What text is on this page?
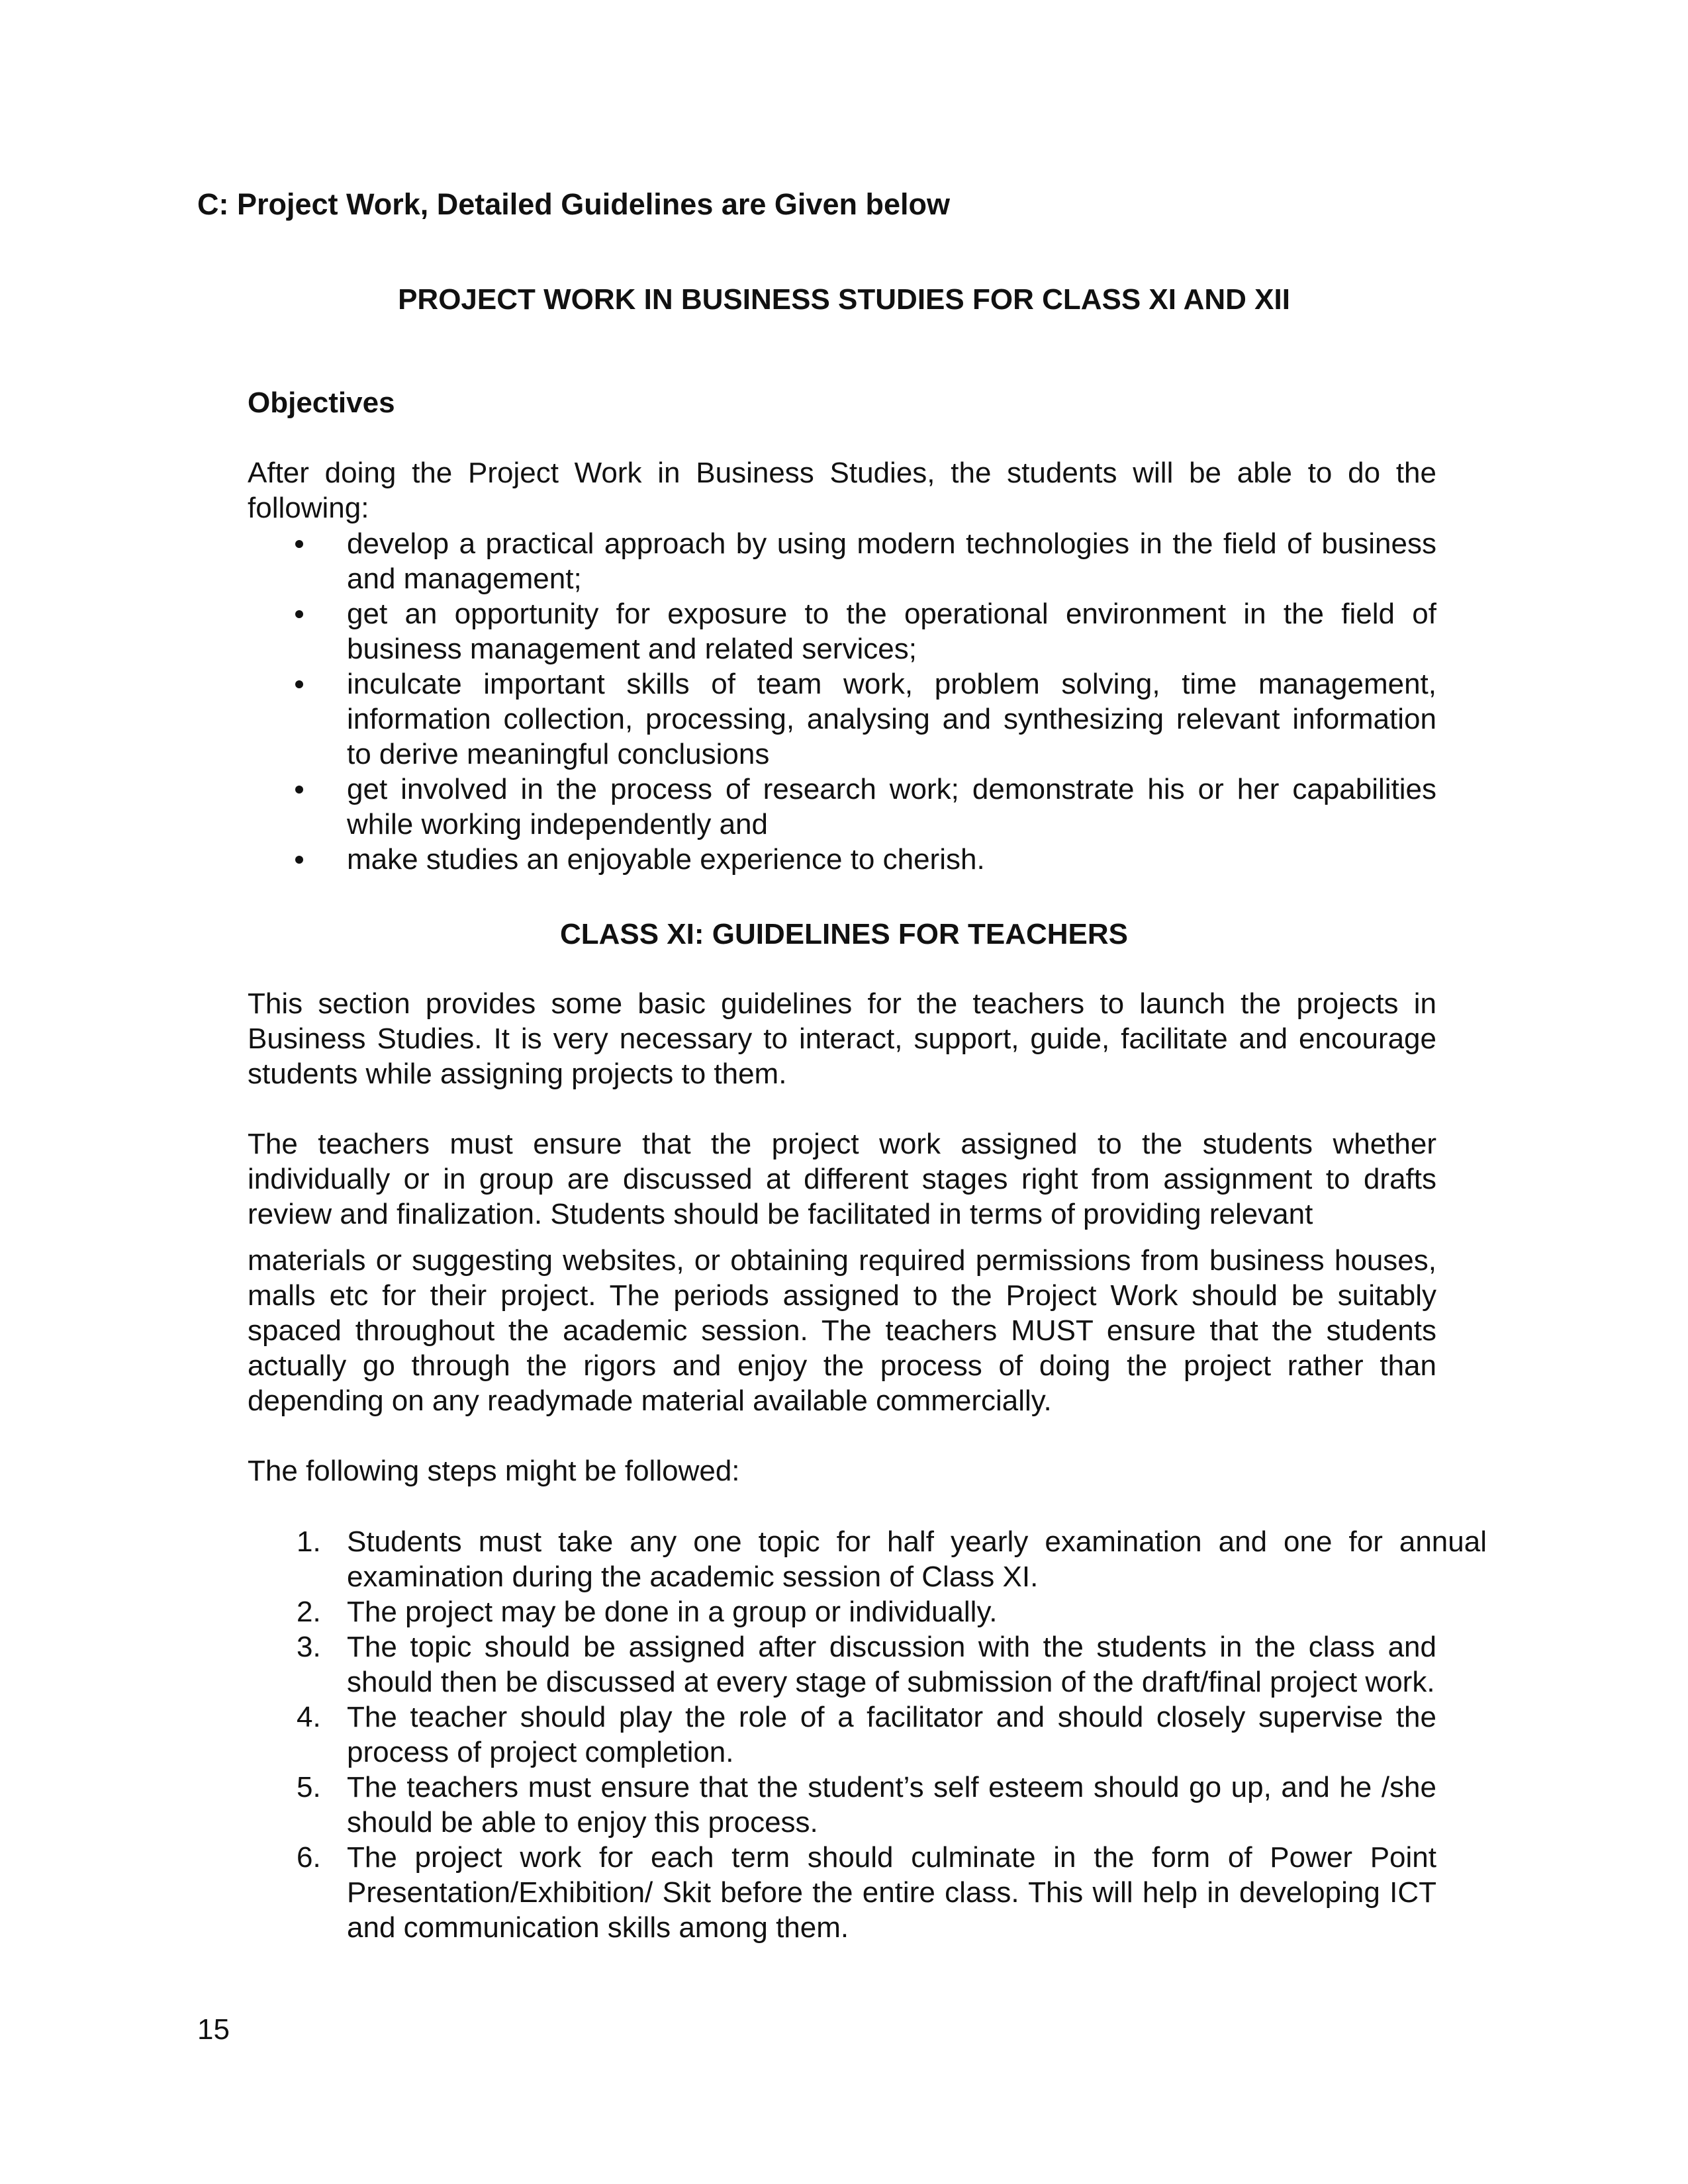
C: Project Work, Detailed Guidelines are Given below

PROJECT WORK IN BUSINESS STUDIES FOR CLASS XI AND XII

Objectives

After doing the Project Work in Business Studies, the students will be able to do the following:

develop a practical approach by using modern technologies in the field of business and management;
get an opportunity for exposure to the operational environment in the field of business management and related services;
inculcate important skills of team work, problem solving, time management, information collection, processing, analysing and synthesizing relevant information to derive meaningful conclusions
get involved in the process of research work; demonstrate his or her capabilities while working independently and
make studies an enjoyable experience to cherish.

CLASS XI: GUIDELINES FOR TEACHERS

This section provides some basic guidelines for the teachers to launch the projects in Business Studies. It is very necessary to interact, support, guide, facilitate and encourage students while assigning projects to them.

The teachers must ensure that the project work assigned to the students whether individually or in group are discussed at different stages right from assignment to drafts review and finalization. Students should be facilitated in terms of providing relevant

materials or suggesting websites, or obtaining required permissions from business houses, malls etc for their project. The periods assigned to the Project Work should be suitably spaced throughout the academic session. The teachers MUST ensure that the students actually go through the rigors and enjoy the process of doing the project rather than depending on any readymade material available commercially.

The following steps might be followed:

1. Students must take any one topic for half yearly examination and one for annual examination during the academic session of Class XI.
2. The project may be done in a group or individually.
3. The topic should be assigned after discussion with the students in the class and should then be discussed at every stage of submission of the draft/final project work.
4. The teacher should play the role of a facilitator and should closely supervise the process of project completion.
5. The teachers must ensure that the student’s self esteem should go up, and he /she should be able to enjoy this process.
6. The project work for each term should culminate in the form of Power Point Presentation/Exhibition/ Skit before the entire class. This will help in developing ICT and communication skills among them.

15
